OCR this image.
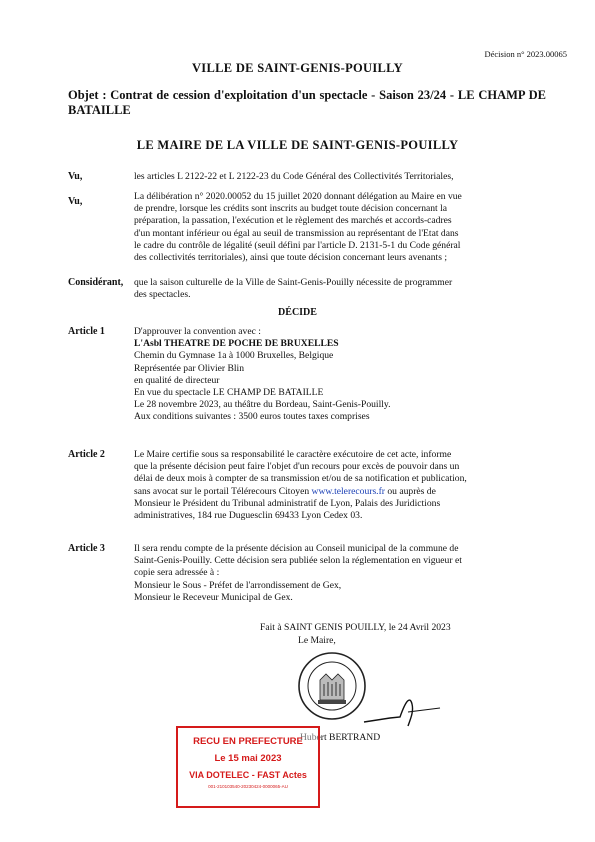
Décision n° 2023.00065
VILLE DE SAINT-GENIS-POUILLY
Objet : Contrat de cession d'exploitation d'un spectacle - Saison 23/24 - LE CHAMP DE BATAILLE
LE MAIRE DE LA VILLE DE SAINT-GENIS-POUILLY
Vu,	les articles L 2122-22 et L 2122-23 du Code Général des Collectivités Territoriales,
Vu,	La délibération n° 2020.00052 du 15 juillet 2020 donnant délégation au Maire en vue
de prendre, lorsque les crédits sont inscrits au budget toute décision concernant la
préparation, la passation, l'exécution et le règlement des marchés et accords-cadres
d'un montant inférieur ou égal au seuil de transmission au représentant de l'Etat dans
le cadre du contrôle de légalité (seuil défini par l'article D. 2131-5-1 du Code général
des collectivités territoriales), ainsi que toute décision concernant leurs avenants ;
Considérant, que la saison culturelle de la Ville de Saint-Genis-Pouilly nécessite de programmer
des spectacles.
DÉCIDE
Article 1	D'approuver la convention avec :
L'Asbl THEATRE DE POCHE DE BRUXELLES
Chemin du Gymnase 1a à 1000 Bruxelles, Belgique
Représentée par Olivier Blin
en qualité de directeur
En vue du spectacle LE CHAMP DE BATAILLE
Le 28 novembre 2023, au théâtre du Bordeau, Saint-Genis-Pouilly.
Aux conditions suivantes : 3500 euros toutes taxes comprises
Article 2	Le Maire certifie sous sa responsabilité le caractère exécutoire de cet acte, informe
que la présente décision peut faire l'objet d'un recours pour excès de pouvoir dans un
délai de deux mois à compter de sa transmission et/ou de sa notification et publication,
sans avocat sur le portail Télérecours Citoyen www.telerecours.fr ou auprès de
Monsieur le Président du Tribunal administratif de Lyon, Palais des Juridictions
administratives, 184 rue Duguesclin 69433 Lyon Cedex 03.
Article 3	Il sera rendu compte de la présente décision au Conseil municipal de la commune de
Saint-Genis-Pouilly. Cette décision sera publiée selon la réglementation en vigueur et
copie sera adressée à :
Monsieur le Sous - Préfet de l'arrondissement de Gex,
Monsieur le Receveur Municipal de Gex.
Fait à SAINT GENIS POUILLY, le 24 Avril 2023
Le Maire,
Hubert BERTRAND
RECU EN PREFECTURE
Le 15 mai 2023
VIA DOTELEC - FAST Actes
001-210103540-20230424-0000065-AU
